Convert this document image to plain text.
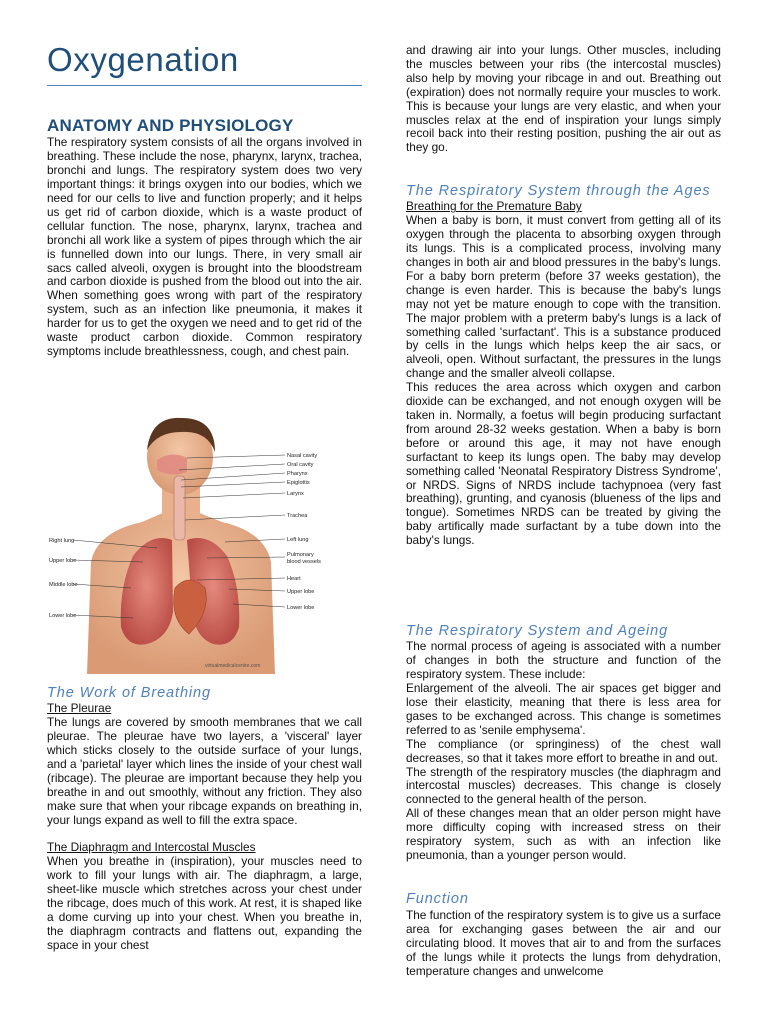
Oxygenation
ANATOMY AND PHYSIOLOGY

The respiratory system consists of all the organs involved in breathing. These include the nose, pharynx, larynx, trachea, bronchi and lungs. The respiratory system does two very important things: it brings oxygen into our bodies, which we need for our cells to live and function properly; and it helps us get rid of carbon dioxide, which is a waste product of cellular function. The nose, pharynx, larynx, trachea and bronchi all work like a system of pipes through which the air is funnelled down into our lungs. There, in very small air sacs called alveoli, oxygen is brought into the bloodstream and carbon dioxide is pushed from the blood out into the air. When something goes wrong with part of the respiratory system, such as an infection like pneumonia, it makes it harder for us to get the oxygen we need and to get rid of the waste product carbon dioxide. Common respiratory symptoms include breathlessness, cough, and chest pain.

Nasal cavity
Oral cavity
Pharynx
Epiglottis
Larynx
Trachea
Left lung
Pulmonary
blood vessels
Heart
Upper lobe
Lower lobe
Right lung
Upper lobe
Middle lobe
Lower lobe
virtualmedicalcentre.com
The Work of Breathing
The Pleurae

The lungs are covered by smooth membranes that we call pleurae. The pleurae have two layers, a 'visceral' layer which sticks closely to the outside surface of your lungs, and a 'parietal' layer which lines the inside of your chest wall (ribcage). The pleurae are important because they help you breathe in and out smoothly, without any friction. They also make sure that when your ribcage expands on breathing in, your lungs expand as well to fill the extra space.

The Diaphragm and Intercostal Muscles

When you breathe in (inspiration), your muscles need to work to fill your lungs with air. The diaphragm, a large, sheet-like muscle which stretches across your chest under the ribcage, does much of this work. At rest, it is shaped like a dome curving up into your chest. When you breathe in, the diaphragm contracts and flattens out, expanding the space in your chest

and drawing air into your lungs. Other muscles, including the muscles between your ribs (the intercostal muscles) also help by moving your ribcage in and out. Breathing out (expiration) does not normally require your muscles to work. This is because your lungs are very elastic, and when your muscles relax at the end of inspiration your lungs simply recoil back into their resting position, pushing the air out as they go.

The Respiratory System through the Ages
Breathing for the Premature Baby

When a baby is born, it must convert from getting all of its oxygen through the placenta to absorbing oxygen through its lungs. This is a complicated process, involving many changes in both air and blood pressures in the baby's lungs. For a baby born preterm (before 37 weeks gestation), the change is even harder. This is because the baby's lungs may not yet be mature enough to cope with the transition. The major problem with a preterm baby's lungs is a lack of something called 'surfactant'. This is a substance produced by cells in the lungs which helps keep the air sacs, or alveoli, open. Without surfactant, the pressures in the lungs change and the smaller alveoli collapse.

This reduces the area across which oxygen and carbon dioxide can be exchanged, and not enough oxygen will be taken in. Normally, a foetus will begin producing surfactant from around 28-32 weeks gestation. When a baby is born before or around this age, it may not have enough surfactant to keep its lungs open. The baby may develop something called 'Neonatal Respiratory Distress Syndrome', or NRDS. Signs of NRDS include tachypnoea (very fast breathing), grunting, and cyanosis (blueness of the lips and tongue). Sometimes NRDS can be treated by giving the baby artifically made surfactant by a tube down into the baby's lungs.

The Respiratory System and Ageing

The normal process of ageing is associated with a number of changes in both the structure and function of the respiratory system. These include:

Enlargement of the alveoli. The air spaces get bigger and lose their elasticity, meaning that there is less area for gases to be exchanged across. This change is sometimes referred to as 'senile emphysema'.

The compliance (or springiness) of the chest wall decreases, so that it takes more effort to breathe in and out.

The strength of the respiratory muscles (the diaphragm and intercostal muscles) decreases. This change is closely connected to the general health of the person.

All of these changes mean that an older person might have more difficulty coping with increased stress on their respiratory system, such as with an infection like pneumonia, than a younger person would.

Function

The function of the respiratory system is to give us a surface area for exchanging gases between the air and our circulating blood. It moves that air to and from the surfaces of the lungs while it protects the lungs from dehydration, temperature changes and unwelcome
